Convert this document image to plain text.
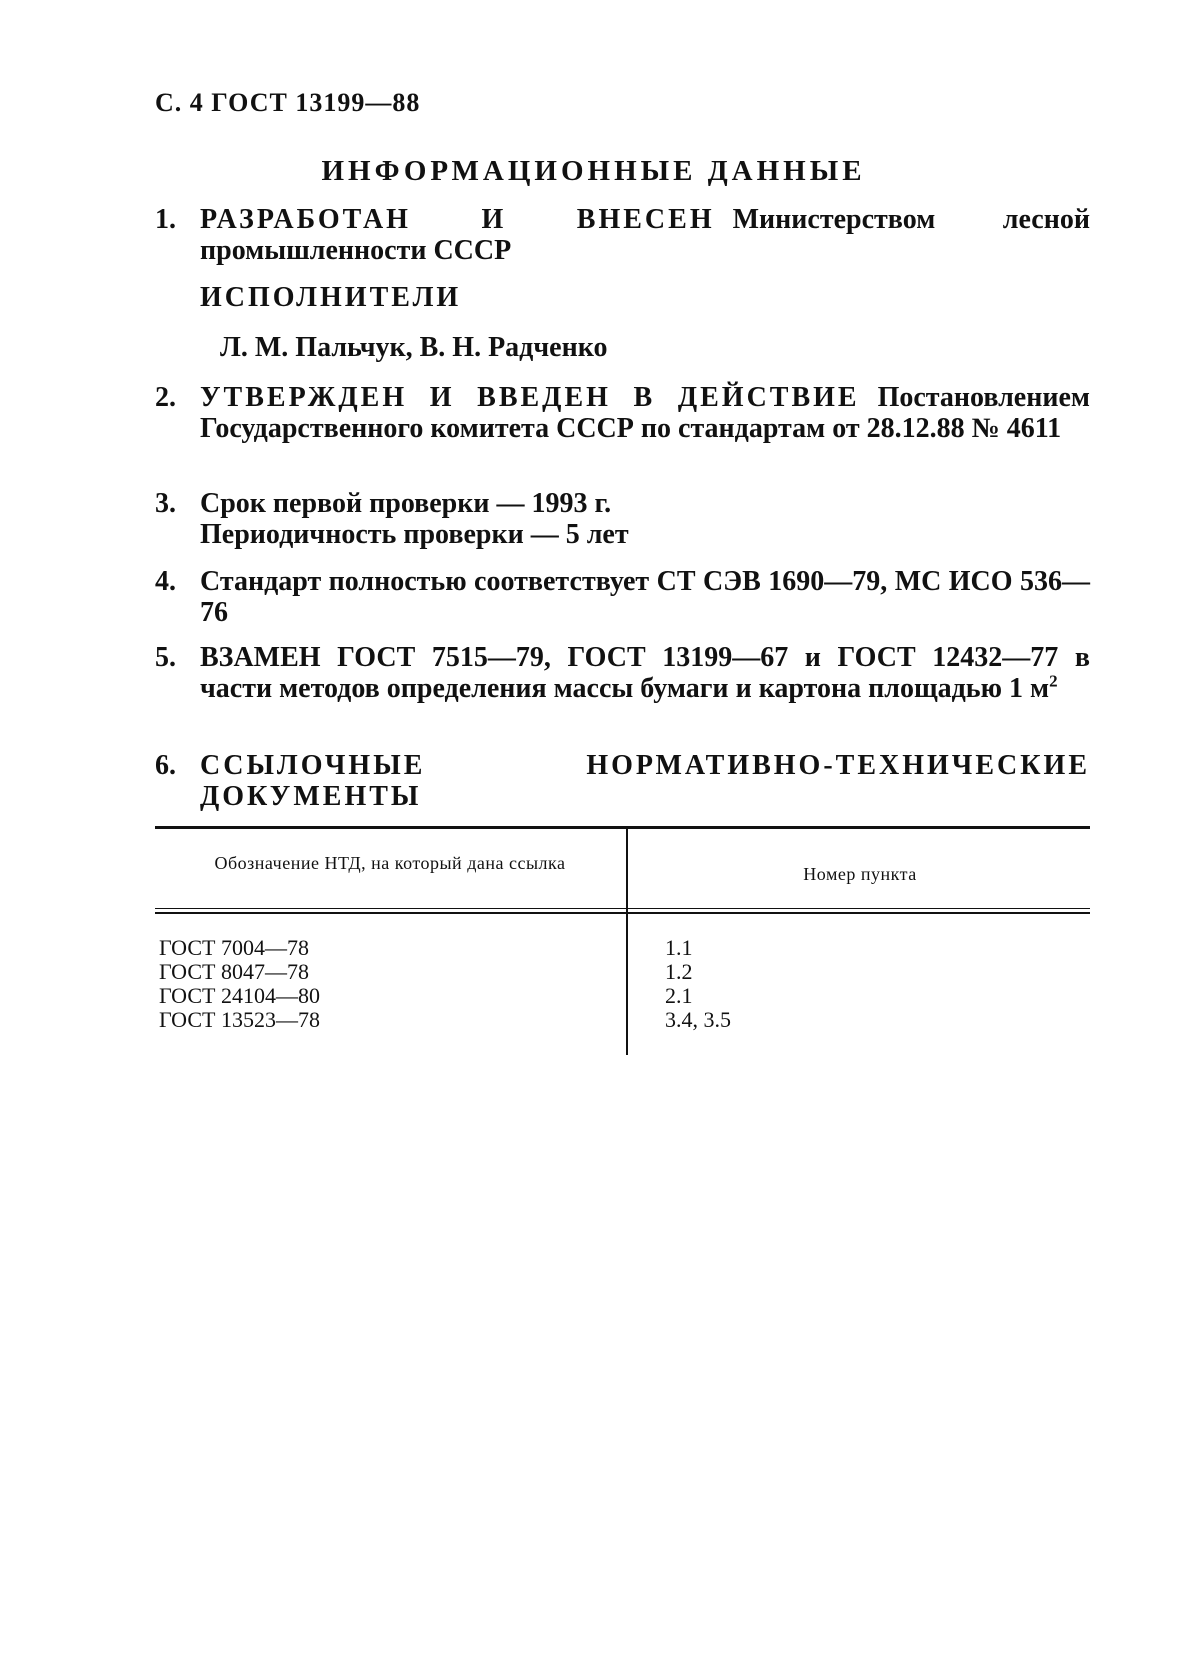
С. 4 ГОСТ 13199—88
ИНФОРМАЦИОННЫЕ ДАННЫЕ
1. РАЗРАБОТАН И ВНЕСЕН Министерством лесной промышленности СССР
ИСПОЛНИТЕЛИ
Л. М. Пальчук, В. Н. Радченко
2. УТВЕРЖДЕН И ВВЕДЕН В ДЕЙСТВИЕ Постановлением Государственного комитета СССР по стандартам от 28.12.88 № 4611
3. Срок первой проверки — 1993 г.
Периодичность проверки — 5 лет
4. Стандарт полностью соответствует СТ СЭВ 1690—79, МС ИСО 536—76
5. ВЗАМЕН ГОСТ 7515—79, ГОСТ 13199—67 и ГОСТ 12432—77 в части методов определения массы бумаги и картона площадью 1 $м^2$
6. ССЫЛОЧНЫЕ НОРМАТИВНО-ТЕХНИЧЕСКИЕ ДОКУМЕНТЫ
Обозначение НТД, на который дана ссылка
Номер пункта
ГОСТ 7004—78
ГОСТ 8047—78
ГОСТ 24104—80
ГОСТ 13523—78
1.1
1.2
2.1
3.4, 3.5
